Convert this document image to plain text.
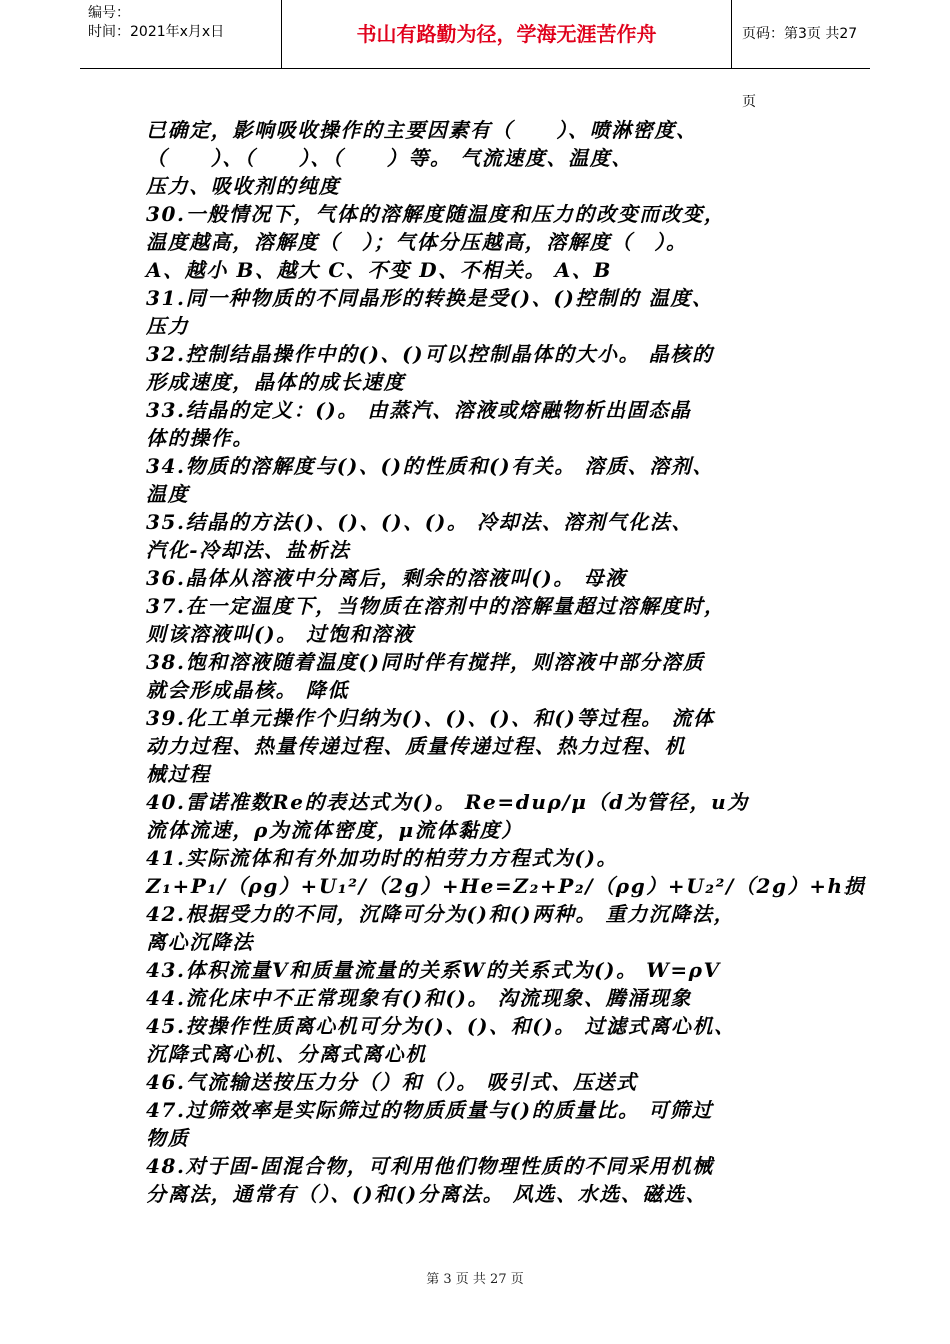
编号：
时间：2021年x月x日	书山有路勤为径，学海无涯苦作舟	页码：第3页 共27页
已确定，影响吸收操作的主要因素有（　　）、喷淋密度、
（　　）、（　　）、（　　）等。 气流速度、温度、
压力、吸收剂的纯度
30.一般情况下，气体的溶解度随温度和压力的改变而改变，
温度越高，溶解度（　）；气体分压越高，溶解度（　）。
A、越小 B、越大 C、不变 D、不相关。 A、B
31.同一种物质的不同晶形的转换是受()、()控制的 温度、
压力
32.控制结晶操作中的()、()可以控制晶体的大小。 晶核的
形成速度，晶体的成长速度
33.结晶的定义：()。 由蒸汽、溶液或熔融物析出固态晶
体的操作。
34.物质的溶解度与()、()的性质和()有关。 溶质、溶剂、
温度
35.结晶的方法()、()、()、()。 冷却法、溶剂气化法、
汽化-冷却法、盐析法
36.晶体从溶液中分离后，剩余的溶液叫()。 母液
37.在一定温度下，当物质在溶剂中的溶解量超过溶解度时，
则该溶液叫()。 过饱和溶液
38.饱和溶液随着温度()同时伴有搅拌，则溶液中部分溶质
就会形成晶核。 降低
39.化工单元操作个归纳为()、()、()、和()等过程。 流体
动力过程、热量传递过程、质量传递过程、热力过程、机
械过程
40.雷诺准数Re的表达式为()。 Re=duρ/μ（d为管径，u为
流体流速，ρ为流体密度，μ流体黏度）
41.实际流体和有外加功时的柏劳力方程式为()。
Z₁+P₁/（ρg）+U₁²/（2g）+He=Z₂+P₂/（ρg）+U₂²/（2g）+h损
42.根据受力的不同，沉降可分为()和()两种。 重力沉降法，
离心沉降法
43.体积流量V和质量流量的关系W的关系式为()。 W=ρV
44.流化床中不正常现象有()和()。 沟流现象、腾涌现象
45.按操作性质离心机可分为()、()、和()。 过滤式离心机、
沉降式离心机、分离式离心机
46.气流输送按压力分（）和（）。 吸引式、压送式
47.过筛效率是实际筛过的物质质量与()的质量比。 可筛过
物质
48.对于固-固混合物，可利用他们物理性质的不同采用机械
分离法，通常有（）、()和()分离法。 风选、水选、磁选、
第 3 页 共 27 页
